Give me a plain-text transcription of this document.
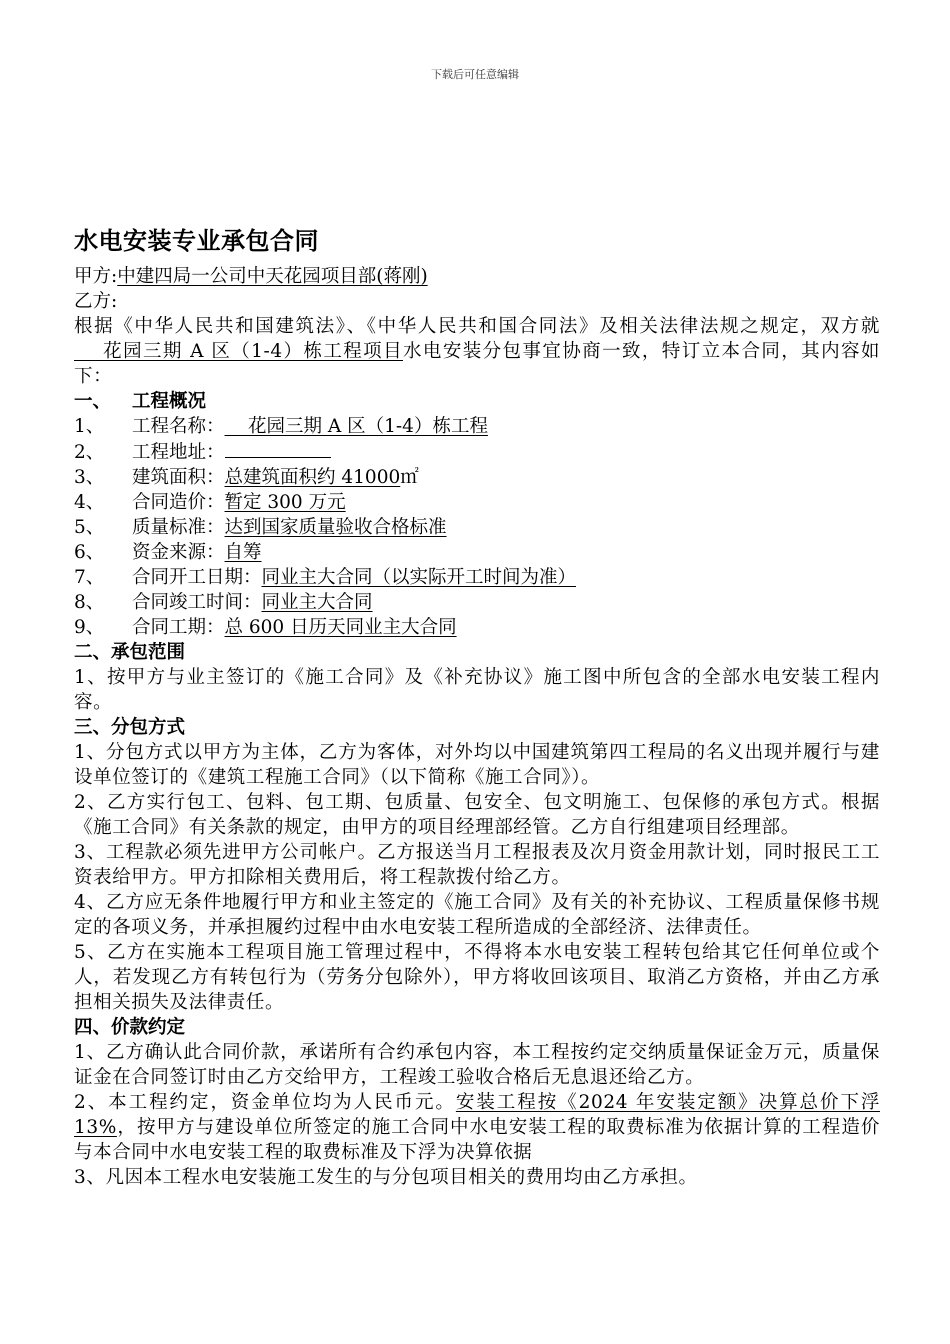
下载后可任意编辑
水电安装专业承包合同
甲方:中建四局一公司中天花园项目部(蒋刚)
乙方:
根据《中华人民共和国建筑法》、《中华人民共和国合同法》及相关法律法规之规定，双方就    花园三期 A 区（1-4）栋工程项目水电安装分包事宜协商一致，特订立本合同，其内容如下：
一、 工程概况
1、 工程名称：    花园三期 A 区（1-4）栋工程
2、 工程地址：
3、 建筑面积：总建筑面积约 41000㎡
4、 合同造价：暂定 300 万元
5、 质量标准：达到国家质量验收合格标准
6、 资金来源：自筹
7、 合同开工日期：同业主大合同（以实际开工时间为准）
8、 合同竣工时间：同业主大合同
9、 合同工期：总 600 日历天同业主大合同
二、承包范围
1、按甲方与业主签订的《施工合同》及《补充协议》施工图中所包含的全部水电安装工程内容。
三、分包方式
1、分包方式以甲方为主体，乙方为客体，对外均以中国建筑第四工程局的名义出现并履行与建设单位签订的《建筑工程施工合同》（以下简称《施工合同》）。
2、乙方实行包工、包料、包工期、包质量、包安全、包文明施工、包保修的承包方式。根据《施工合同》有关条款的规定，由甲方的项目经理部经管。乙方自行组建项目经理部。
3、工程款必须先进甲方公司帐户。乙方报送当月工程报表及次月资金用款计划，同时报民工工资表给甲方。甲方扣除相关费用后，将工程款拨付给乙方。
4、乙方应无条件地履行甲方和业主签定的《施工合同》及有关的补充协议、工程质量保修书规定的各项义务，并承担履约过程中由水电安装工程所造成的全部经济、法律责任。
5、乙方在实施本工程项目施工管理过程中，不得将本水电安装工程转包给其它任何单位或个人，若发现乙方有转包行为（劳务分包除外），甲方将收回该项目、取消乙方资格，并由乙方承担相关损失及法律责任。
四、价款约定
1、乙方确认此合同价款，承诺所有合约承包内容，本工程按约定交纳质量保证金万元，质量保证金在合同签订时由乙方交给甲方，工程竣工验收合格后无息退还给乙方。
2、本工程约定，资金单位均为人民币元。安装工程按《2024 年安装定额》决算总价下浮 13%，按甲方与建设单位所签定的施工合同中水电安装工程的取费标准为依据计算的工程造价与本合同中水电安装工程的取费标准及下浮为决算依据
3、凡因本工程水电安装施工发生的与分包项目相关的费用均由乙方承担。
